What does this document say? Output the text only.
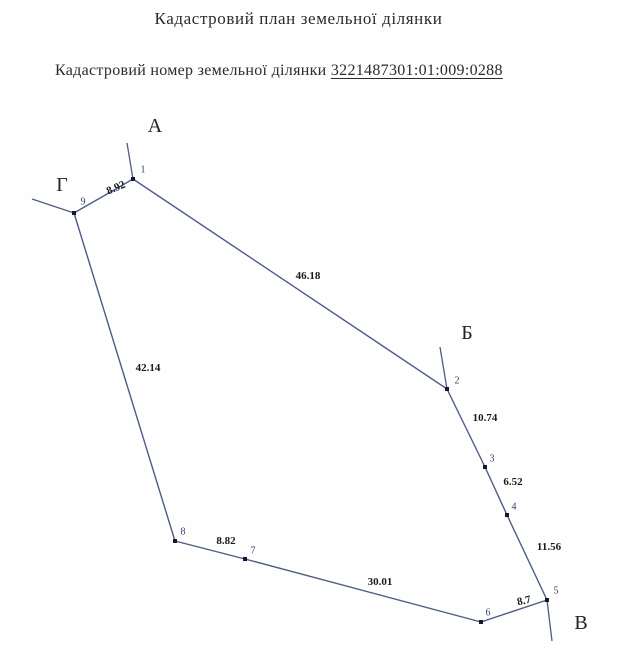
Кадастровий план земельної ділянки
Кадастровий номер земельної ділянки 3221487301:01:009:0288
1
2
3
4
5
6
7
8
9
46.18
10.74
6.52
11.56
8.7
30.01
8.82
42.14
8.92
А
Б
В
Г
